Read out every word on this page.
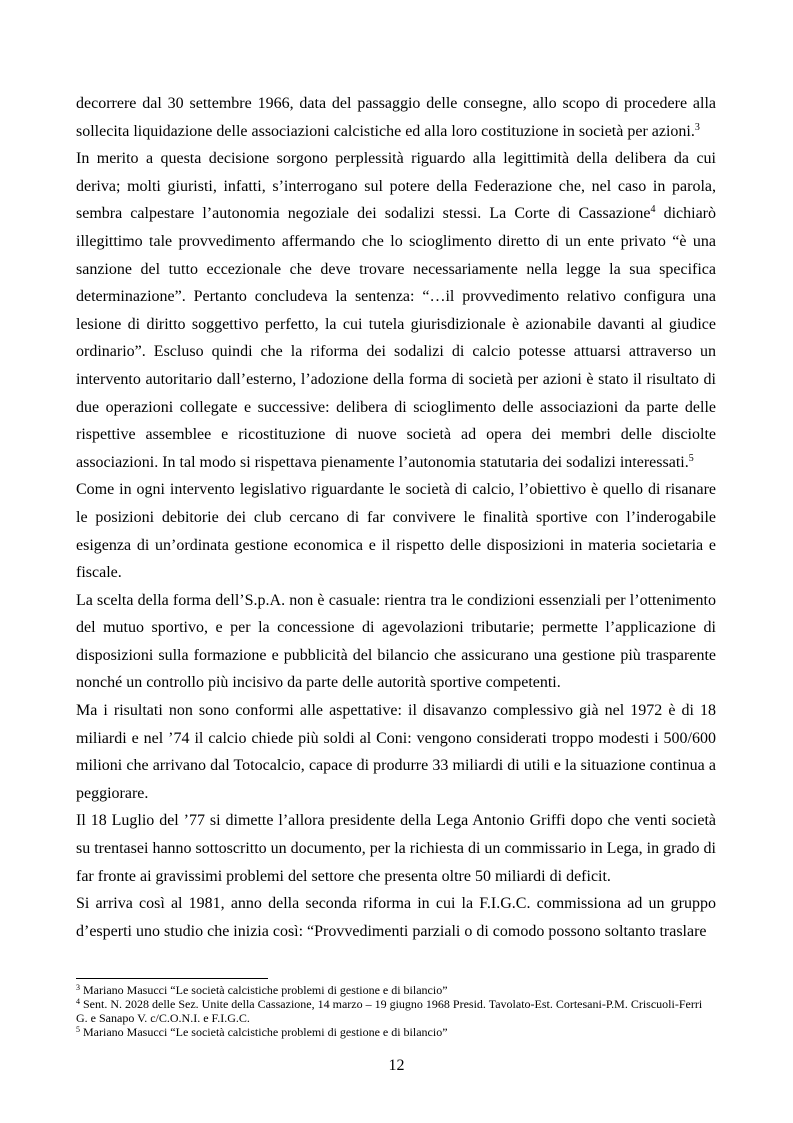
decorrere dal 30 settembre 1966, data del passaggio delle consegne, allo scopo di procedere alla sollecita liquidazione delle associazioni calcistiche ed alla loro costituzione in società per azioni.$^3$

In merito a questa decisione sorgono perplessità riguardo alla legittimità della delibera da cui deriva; molti giuristi, infatti, s’interrogano sul potere della Federazione che, nel caso in parola, sembra calpestare l’autonomia negoziale dei sodalizi stessi. La Corte di Cassazione$^4$ dichiarò illegittimo tale provvedimento affermando che lo scioglimento diretto di un ente privato “è una sanzione del tutto eccezionale che deve trovare necessariamente nella legge la sua specifica determinazione”. Pertanto concludeva la sentenza: “…il provvedimento relativo configura una lesione di diritto soggettivo perfetto, la cui tutela giurisdizionale è azionabile davanti al giudice ordinario”. Escluso quindi che la riforma dei sodalizi di calcio potesse attuarsi attraverso un intervento autoritario dall’esterno, l’adozione della forma di società per azioni è stato il risultato di due operazioni collegate e successive: delibera di scioglimento delle associazioni da parte delle rispettive assemblee e ricostituzione di nuove società ad opera dei membri delle disciolte associazioni. In tal modo si rispettava pienamente l’autonomia statutaria dei sodalizi interessati.$^5$

Come in ogni intervento legislativo riguardante le società di calcio, l’obiettivo è quello di risanare le posizioni debitorie dei club cercano di far convivere le finalità sportive con l’inderogabile esigenza di un’ordinata gestione economica e il rispetto delle disposizioni in materia societaria e fiscale.

La scelta della forma dell’S.p.A. non è casuale: rientra tra le condizioni essenziali per l’ottenimento del mutuo sportivo, e per la concessione di agevolazioni tributarie; permette l’applicazione di disposizioni sulla formazione e pubblicità del bilancio che assicurano una gestione più trasparente nonché un controllo più incisivo da parte delle autorità sportive competenti.

Ma i risultati non sono conformi alle aspettative: il disavanzo complessivo già nel 1972 è di 18 miliardi e nel ’74 il calcio chiede più soldi al Coni: vengono considerati troppo modesti i 500/600 milioni che arrivano dal Totocalcio, capace di produrre 33 miliardi di utili e la situazione continua a peggiorare.

Il 18 Luglio del ’77 si dimette l’allora presidente della Lega Antonio Griffi dopo che venti società su trentasei hanno sottoscritto un documento, per la richiesta di un commissario in Lega, in grado di far fronte ai gravissimi problemi del settore che presenta oltre 50 miliardi di deficit.

Si arriva così al 1981, anno della seconda riforma in cui la F.I.G.C. commissiona ad un gruppo d’esperti uno studio che inizia così: “Provvedimenti parziali o di comodo possono soltanto traslare

$^3$ Mariano Masucci “Le società calcistiche problemi di gestione e di bilancio”

$^4$ Sent. N. 2028 delle Sez. Unite della Cassazione, 14 marzo – 19 giugno 1968 Presid. Tavolato-Est. Cortesani-P.M. Criscuoli-Ferri G. e Sanapo V. c/C.O.N.I. e F.I.G.C.

$^5$ Mariano Masucci “Le società calcistiche problemi di gestione e di bilancio”

12
